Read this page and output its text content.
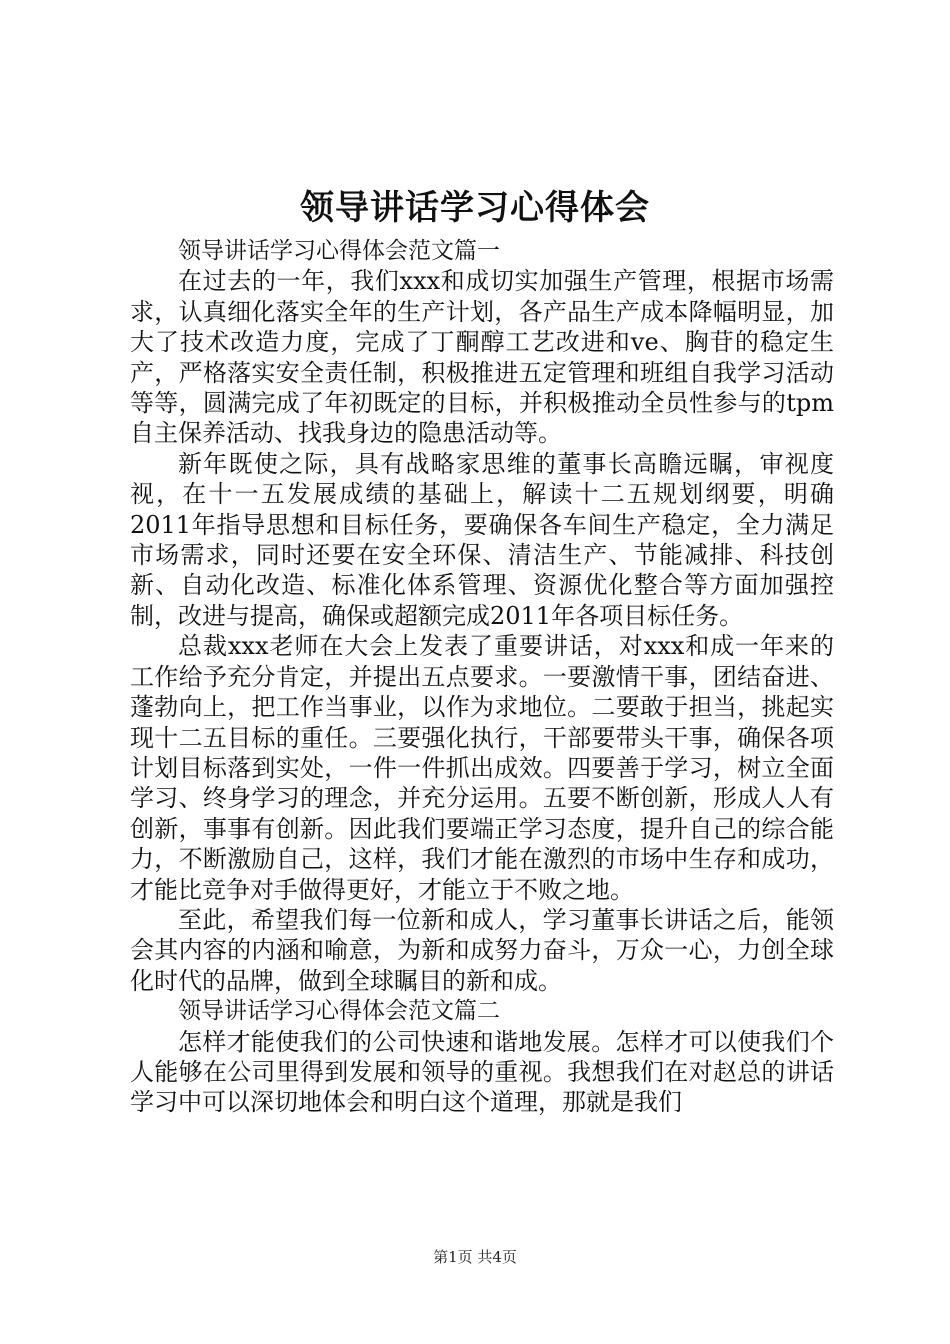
领导讲话学习心得体会

领导讲话学习心得体会范文篇一

在过去的一年，我们xxx和成切实加强生产管理，根据市场需求，认真细化落实全年的生产计划，各产品生产成本降幅明显，加大了技术改造力度，完成了丁酮醇工艺改进和ve、胸苷的稳定生产，严格落实安全责任制，积极推进五定管理和班组自我学习活动等等，圆满完成了年初既定的目标，并积极推动全员性参与的tpm自主保养活动、找我身边的隐患活动等。

新年既使之际，具有战略家思维的董事长高瞻远瞩，审视度视，在十一五发展成绩的基础上，解读十二五规划纲要，明确2011年指导思想和目标任务，要确保各车间生产稳定，全力满足市场需求，同时还要在安全环保、清洁生产、节能减排、科技创新、自动化改造、标准化体系管理、资源优化整合等方面加强控制，改进与提高，确保或超额完成2011年各项目标任务。

总裁xxx老师在大会上发表了重要讲话，对xxx和成一年来的工作给予充分肯定，并提出五点要求。一要激情干事，团结奋进、蓬勃向上，把工作当事业，以作为求地位。二要敢于担当，挑起实现十二五目标的重任。三要强化执行，干部要带头干事，确保各项计划目标落到实处，一件一件抓出成效。四要善于学习，树立全面学习、终身学习的理念，并充分运用。五要不断创新，形成人人有创新，事事有创新。因此我们要端正学习态度，提升自己的综合能力，不断激励自己，这样，我们才能在激烈的市场中生存和成功，才能比竞争对手做得更好，才能立于不败之地。

至此，希望我们每一位新和成人，学习董事长讲话之后，能领会其内容的内涵和喻意，为新和成努力奋斗，万众一心，力创全球化时代的品牌，做到全球瞩目的新和成。

领导讲话学习心得体会范文篇二

怎样才能使我们的公司快速和谐地发展。怎样才可以使我们个人能够在公司里得到发展和领导的重视。我想我们在对赵总的讲话学习中可以深切地体会和明白这个道理，那就是我们

第1页 共4页
